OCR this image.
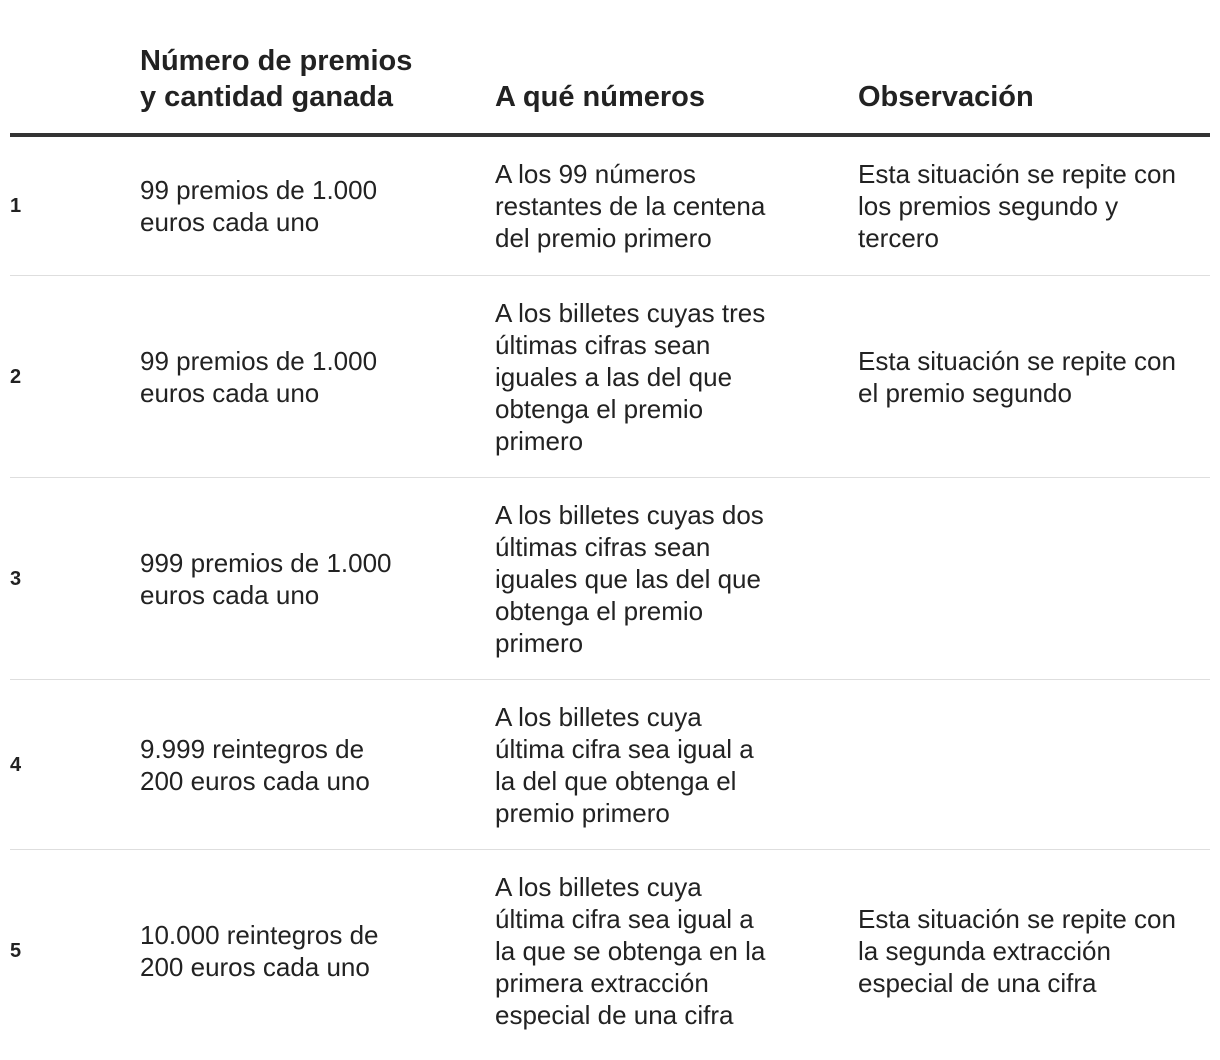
Número de premios
y cantidad ganada	A qué números	Observación
1
99 premios de 1.000
euros cada uno
A los 99 números
restantes de la centena
del premio primero
Esta situación se repite con
los premios segundo y
tercero
2
99 premios de 1.000
euros cada uno
A los billetes cuyas tres
últimas cifras sean
iguales a las del que
obtenga el premio
primero
Esta situación se repite con
el premio segundo
3
999 premios de 1.000
euros cada uno
A los billetes cuyas dos
últimas cifras sean
iguales que las del que
obtenga el premio
primero
4
9.999 reintegros de
200 euros cada uno
A los billetes cuya
última cifra sea igual a
la del que obtenga el
premio primero
5
10.000 reintegros de
200 euros cada uno
A los billetes cuya
última cifra sea igual a
la que se obtenga en la
primera extracción
especial de una cifra
Esta situación se repite con
la segunda extracción
especial de una cifra
